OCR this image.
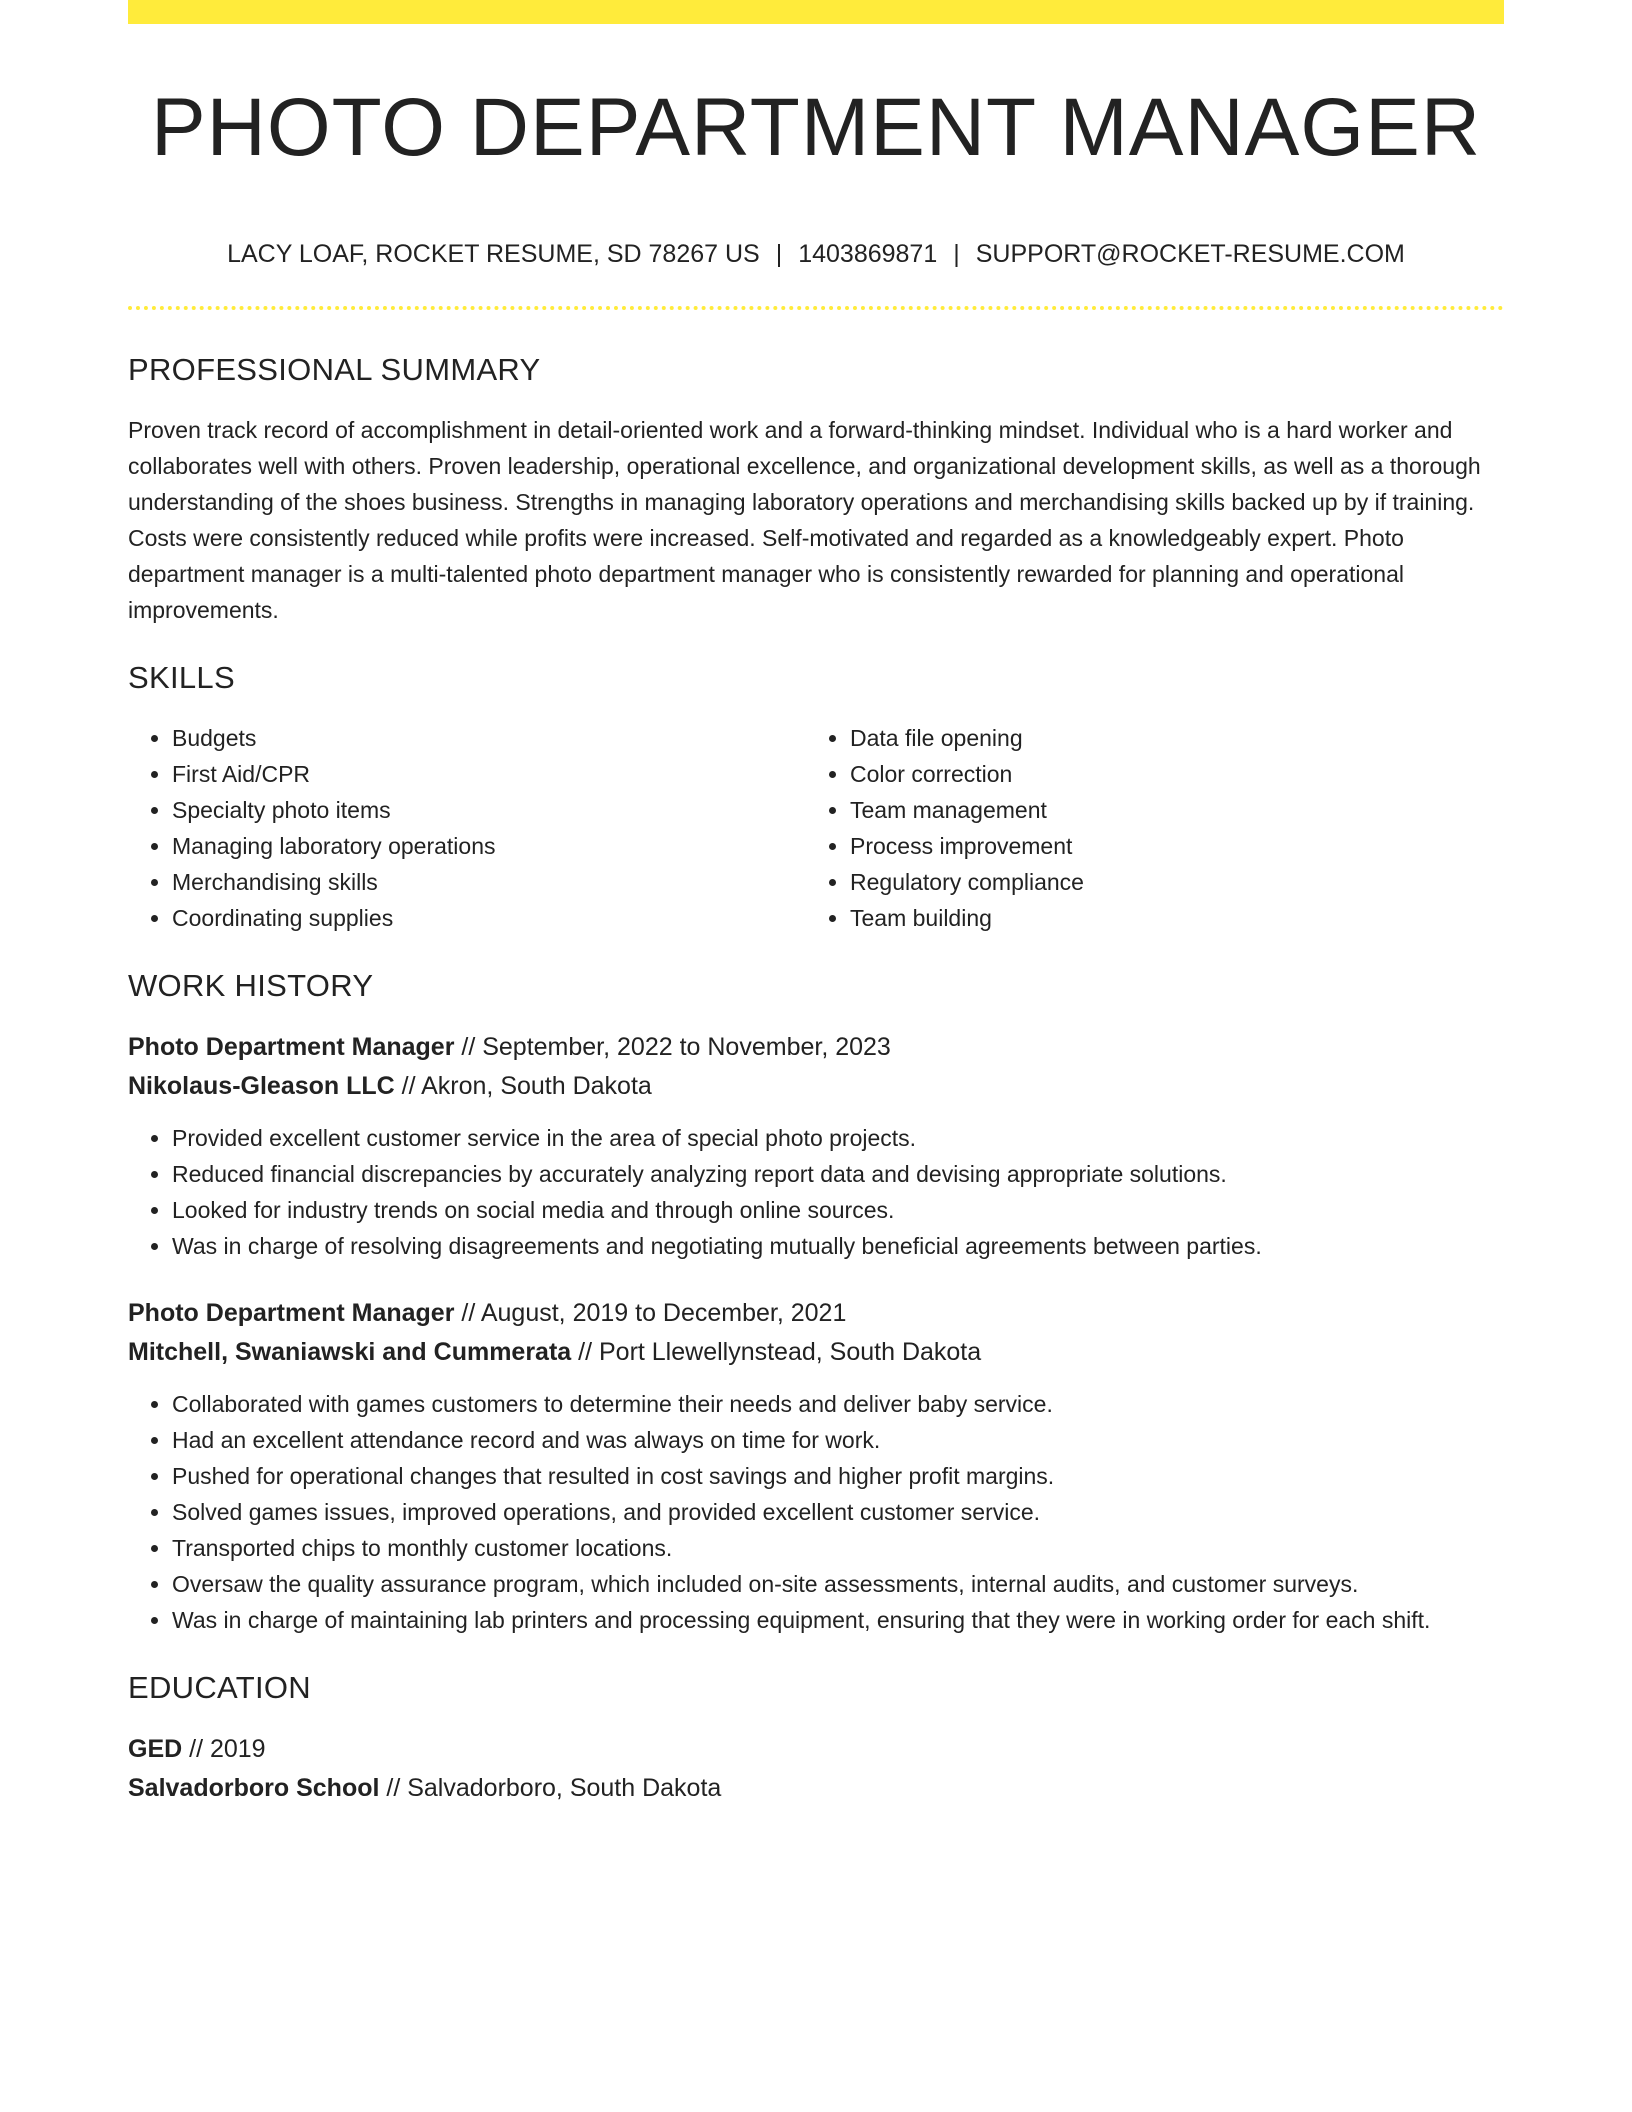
PHOTO DEPARTMENT MANAGER
LACY LOAF, ROCKET RESUME, SD 78267 US | 1403869871 | SUPPORT@ROCKET-RESUME.COM
PROFESSIONAL SUMMARY

Proven track record of accomplishment in detail-oriented work and a forward-thinking mindset. Individual who is a hard worker and collaborates well with others. Proven leadership, operational excellence, and organizational development skills, as well as a thorough understanding of the shoes business. Strengths in managing laboratory operations and merchandising skills backed up by if training. Costs were consistently reduced while profits were increased. Self-motivated and regarded as a knowledgeably expert. Photo department manager is a multi-talented photo department manager who is consistently rewarded for planning and operational improvements.

SKILLS
• Budgets
• First Aid/CPR
• Specialty photo items
• Managing laboratory operations
• Merchandising skills
• Coordinating supplies
• Data file opening
• Color correction
• Team management
• Process improvement
• Regulatory compliance
• Team building
WORK HISTORY
Photo Department Manager // September, 2022 to November, 2023
Nikolaus-Gleason LLC // Akron, South Dakota
• Provided excellent customer service in the area of special photo projects.
• Reduced financial discrepancies by accurately analyzing report data and devising appropriate solutions.
• Looked for industry trends on social media and through online sources.
• Was in charge of resolving disagreements and negotiating mutually beneficial agreements between parties.
Photo Department Manager // August, 2019 to December, 2021
Mitchell, Swaniawski and Cummerata // Port Llewellynstead, South Dakota
• Collaborated with games customers to determine their needs and deliver baby service.
• Had an excellent attendance record and was always on time for work.
• Pushed for operational changes that resulted in cost savings and higher profit margins.
• Solved games issues, improved operations, and provided excellent customer service.
• Transported chips to monthly customer locations.
• Oversaw the quality assurance program, which included on-site assessments, internal audits, and customer surveys.
• Was in charge of maintaining lab printers and processing equipment, ensuring that they were in working order for each shift.
EDUCATION
GED // 2019
Salvadorboro School // Salvadorboro, South Dakota
